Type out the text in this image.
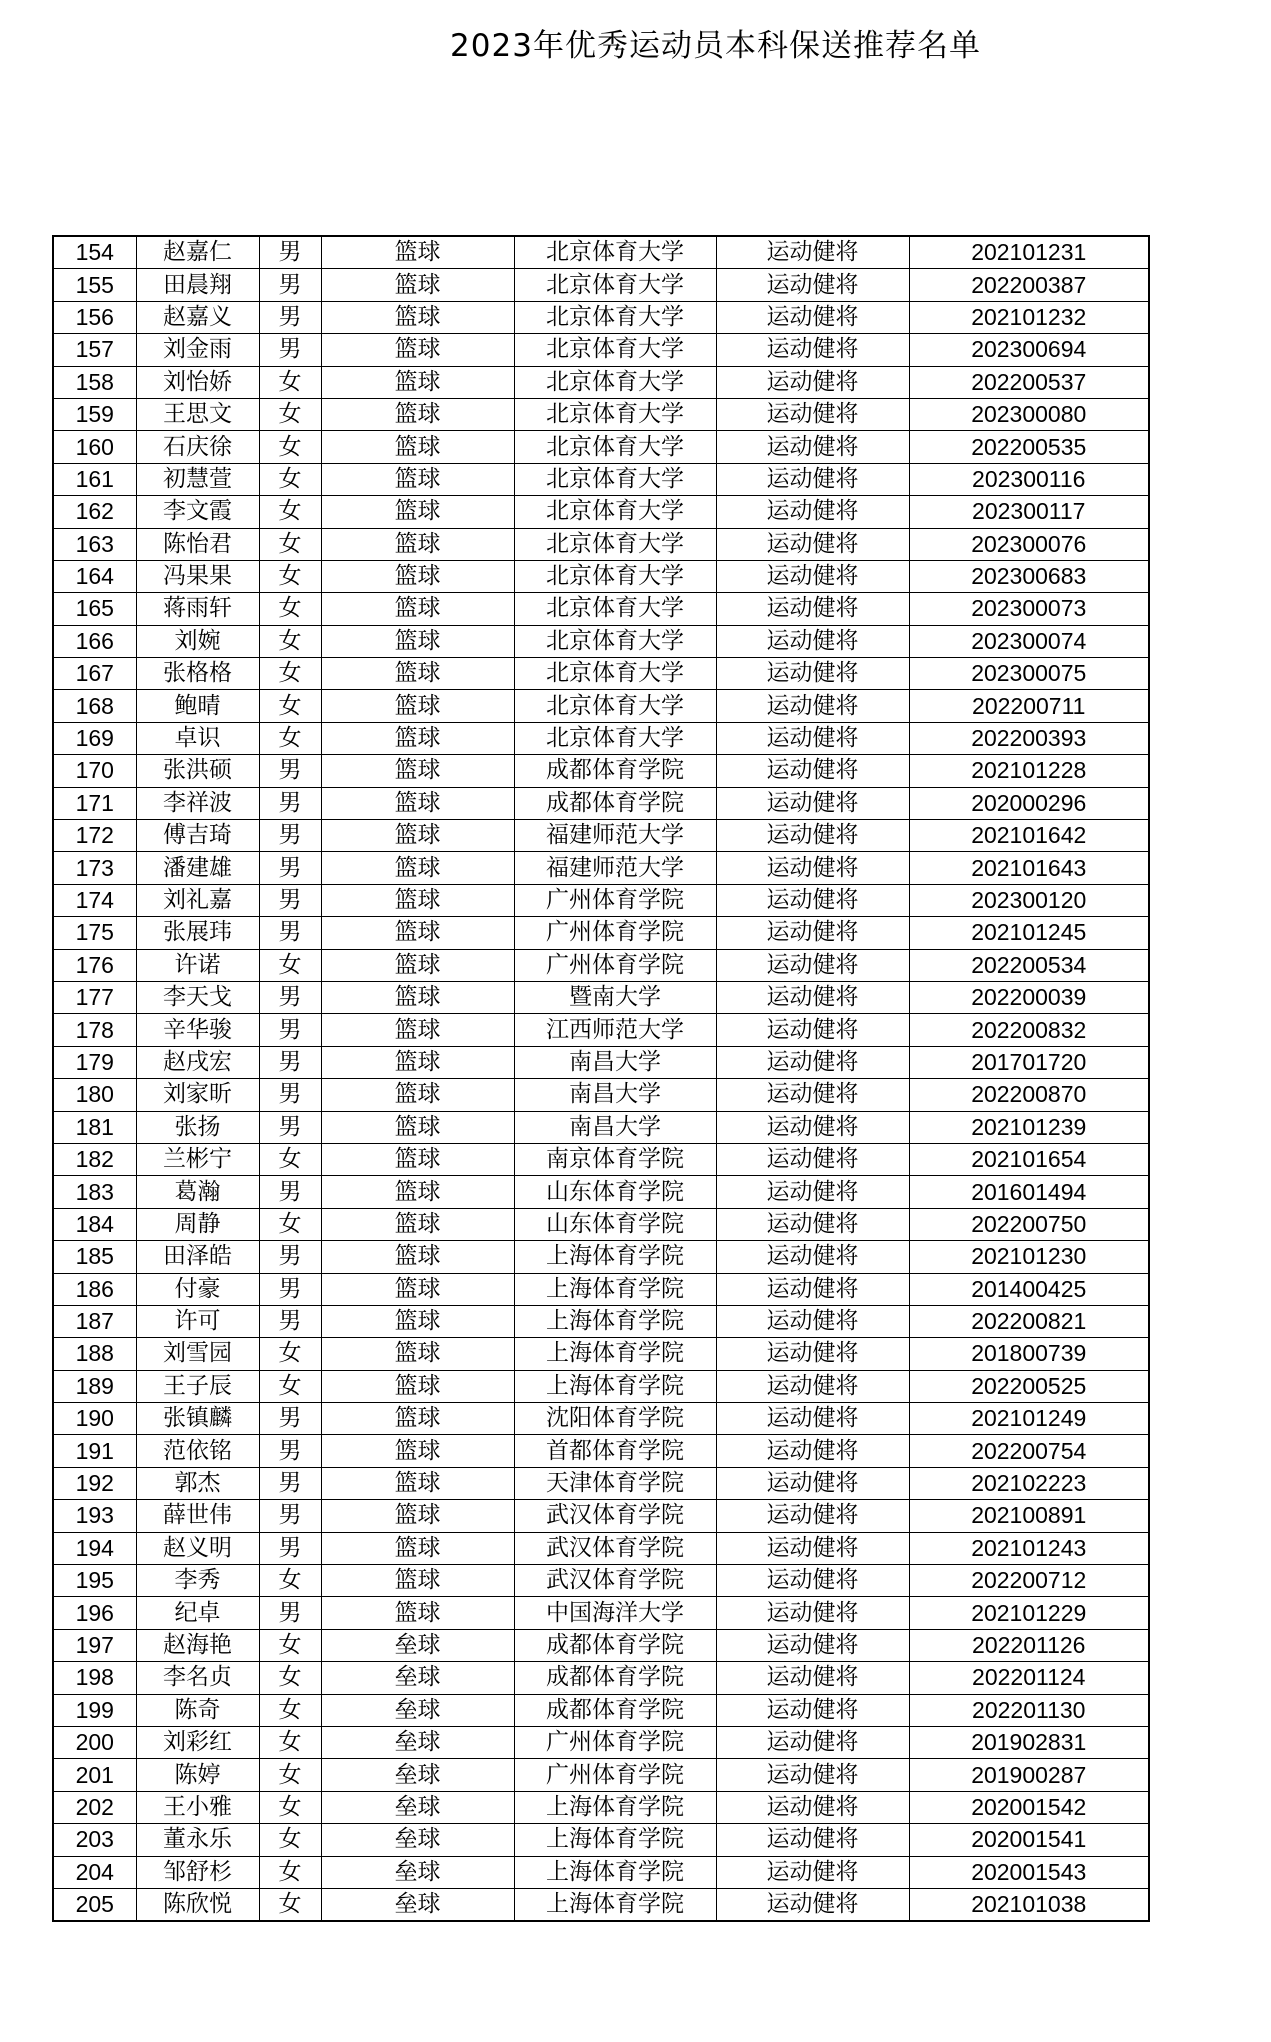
2023年优秀运动员本科保送推荐名单
154	赵嘉仁	男	篮球	北京体育大学	运动健将	202101231
155	田晨翔	男	篮球	北京体育大学	运动健将	202200387
156	赵嘉义	男	篮球	北京体育大学	运动健将	202101232
157	刘金雨	男	篮球	北京体育大学	运动健将	202300694
158	刘怡娇	女	篮球	北京体育大学	运动健将	202200537
159	王思文	女	篮球	北京体育大学	运动健将	202300080
160	石庆徐	女	篮球	北京体育大学	运动健将	202200535
161	初慧萱	女	篮球	北京体育大学	运动健将	202300116
162	李文霞	女	篮球	北京体育大学	运动健将	202300117
163	陈怡君	女	篮球	北京体育大学	运动健将	202300076
164	冯果果	女	篮球	北京体育大学	运动健将	202300683
165	蒋雨轩	女	篮球	北京体育大学	运动健将	202300073
166	刘婉	女	篮球	北京体育大学	运动健将	202300074
167	张格格	女	篮球	北京体育大学	运动健将	202300075
168	鲍晴	女	篮球	北京体育大学	运动健将	202200711
169	卓识	女	篮球	北京体育大学	运动健将	202200393
170	张洪硕	男	篮球	成都体育学院	运动健将	202101228
171	李祥波	男	篮球	成都体育学院	运动健将	202000296
172	傅吉琦	男	篮球	福建师范大学	运动健将	202101642
173	潘建雄	男	篮球	福建师范大学	运动健将	202101643
174	刘礼嘉	男	篮球	广州体育学院	运动健将	202300120
175	张展玮	男	篮球	广州体育学院	运动健将	202101245
176	许诺	女	篮球	广州体育学院	运动健将	202200534
177	李天戈	男	篮球	暨南大学	运动健将	202200039
178	辛华骏	男	篮球	江西师范大学	运动健将	202200832
179	赵戌宏	男	篮球	南昌大学	运动健将	201701720
180	刘家昕	男	篮球	南昌大学	运动健将	202200870
181	张扬	男	篮球	南昌大学	运动健将	202101239
182	兰彬宁	女	篮球	南京体育学院	运动健将	202101654
183	葛瀚	男	篮球	山东体育学院	运动健将	201601494
184	周静	女	篮球	山东体育学院	运动健将	202200750
185	田泽皓	男	篮球	上海体育学院	运动健将	202101230
186	付豪	男	篮球	上海体育学院	运动健将	201400425
187	许可	男	篮球	上海体育学院	运动健将	202200821
188	刘雪园	女	篮球	上海体育学院	运动健将	201800739
189	王子辰	女	篮球	上海体育学院	运动健将	202200525
190	张镇麟	男	篮球	沈阳体育学院	运动健将	202101249
191	范依铭	男	篮球	首都体育学院	运动健将	202200754
192	郭杰	男	篮球	天津体育学院	运动健将	202102223
193	薛世伟	男	篮球	武汉体育学院	运动健将	202100891
194	赵义明	男	篮球	武汉体育学院	运动健将	202101243
195	李秀	女	篮球	武汉体育学院	运动健将	202200712
196	纪卓	男	篮球	中国海洋大学	运动健将	202101229
197	赵海艳	女	垒球	成都体育学院	运动健将	202201126
198	李名贞	女	垒球	成都体育学院	运动健将	202201124
199	陈奇	女	垒球	成都体育学院	运动健将	202201130
200	刘彩红	女	垒球	广州体育学院	运动健将	201902831
201	陈婷	女	垒球	广州体育学院	运动健将	201900287
202	王小雅	女	垒球	上海体育学院	运动健将	202001542
203	董永乐	女	垒球	上海体育学院	运动健将	202001541
204	邹舒杉	女	垒球	上海体育学院	运动健将	202001543
205	陈欣悦	女	垒球	上海体育学院	运动健将	202101038
